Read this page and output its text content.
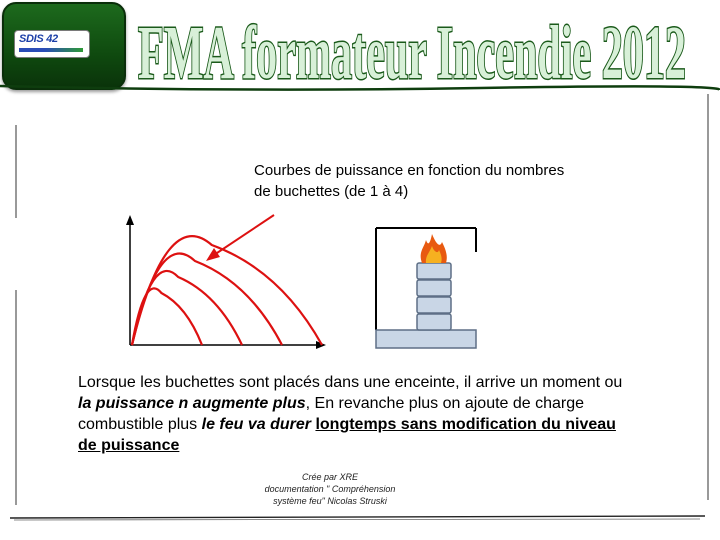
SDIS 42 FMA formateur Incendie 2012
Courbes de puissance en fonction du nombres de buchettes (de 1 à 4)
Lorsque les buchettes sont placés dans une enceinte, il arrive un moment ou la puissance n augmente plus, En revanche plus on ajoute de charge combustible plus le feu va durer longtemps sans modification du niveau de puissance
Crée par XRE
documentation " Compréhension
système feu" Nicolas Struski
